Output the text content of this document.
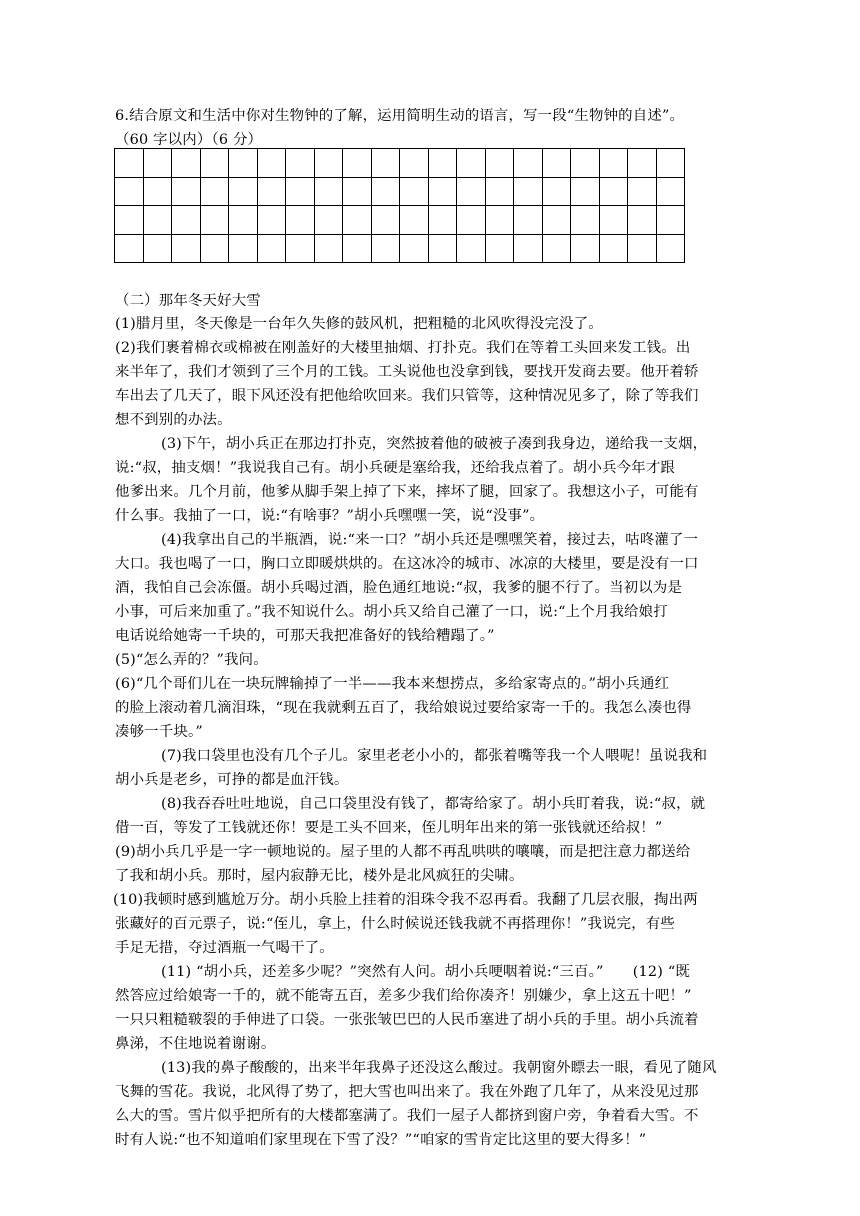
6.结合原文和生活中你对生物钟的了解，运用简明生动的语言，写一段“生物钟的自述”。
（60 字以内）（6 分）

（二）那年冬天好大雪
(1)腊月里，冬天像是一台年久失修的鼓风机，把粗糙的北风吹得没完没了。
(2)我们裹着棉衣或棉被在刚盖好的大楼里抽烟、打扑克。我们在等着工头回来发工钱。出
来半年了，我们才领到了三个月的工钱。工头说他也没拿到钱，要找开发商去要。他开着轿
车出去了几天了，眼下风还没有把他给吹回来。我们只管等，这种情况见多了，除了等我们
想不到别的办法。
(3)下午，胡小兵正在那边打扑克，突然披着他的破被子凑到我身边，递给我一支烟，
说:“叔，抽支烟！”我说我自己有。胡小兵硬是塞给我，还给我点着了。胡小兵今年才跟
他爹出来。几个月前，他爹从脚手架上掉了下来，摔坏了腿，回家了。我想这小子，可能有
什么事。我抽了一口，说:“有啥事？”胡小兵嘿嘿一笑，说“没事”。
(4)我拿出自己的半瓶酒，说:“来一口？”胡小兵还是嘿嘿笑着，接过去，咕咚灌了一
大口。我也喝了一口，胸口立即暖烘烘的。在这冰冷的城市、冰凉的大楼里，要是没有一口
酒，我怕自己会冻僵。胡小兵喝过酒，脸色通红地说:“叔，我爹的腿不行了。当初以为是
小事，可后来加重了。”我不知说什么。胡小兵又给自己灌了一口，说:“上个月我给娘打
电话说给她寄一千块的，可那天我把准备好的钱给糟蹋了。”
(5)“怎么弄的？”我问。
(6)“几个哥们儿在一块玩牌输掉了一半——我本来想捞点，多给家寄点的。”胡小兵通红
的脸上滚动着几滴泪珠，“现在我就剩五百了，我给娘说过要给家寄一千的。我怎么凑也得
凑够一千块。”
(7)我口袋里也没有几个子儿。家里老老小小的，都张着嘴等我一个人喂呢！虽说我和
胡小兵是老乡，可挣的都是血汗钱。
(8)我吞吞吐吐地说，自己口袋里没有钱了，都寄给家了。胡小兵盯着我，说:“叔，就
借一百，等发了工钱就还你！要是工头不回来，侄儿明年出来的第一张钱就还给叔！”
(9)胡小兵几乎是一字一顿地说的。屋子里的人都不再乱哄哄的嚷嚷，而是把注意力都送给
了我和胡小兵。那时，屋内寂静无比，楼外是北风疯狂的尖啸。
(10)我顿时感到尴尬万分。胡小兵脸上挂着的泪珠令我不忍再看。我翻了几层衣服，掏出两
张藏好的百元票子，说:“侄儿，拿上，什么时候说还钱我就不再搭理你！”我说完，有些
手足无措，夺过酒瓶一气喝干了。
(11) “胡小兵，还差多少呢？”突然有人问。胡小兵哽咽着说:“三百。”　　(12) “既
然答应过给娘寄一千的，就不能寄五百，差多少我们给你凑齐！别嫌少，拿上这五十吧！”
一只只粗糙皲裂的手伸进了口袋。一张张皱巴巴的人民币塞进了胡小兵的手里。胡小兵流着
鼻涕，不住地说着谢谢。
(13)我的鼻子酸酸的，出来半年我鼻子还没这么酸过。我朝窗外瞟去一眼，看见了随风
飞舞的雪花。我说，北风得了势了，把大雪也叫出来了。我在外跑了几年了，从来没见过那
么大的雪。雪片似乎把所有的大楼都塞满了。我们一屋子人都挤到窗户旁，争着看大雪。不
时有人说:“也不知道咱们家里现在下雪了没？”“咱家的雪肯定比这里的要大得多！”
